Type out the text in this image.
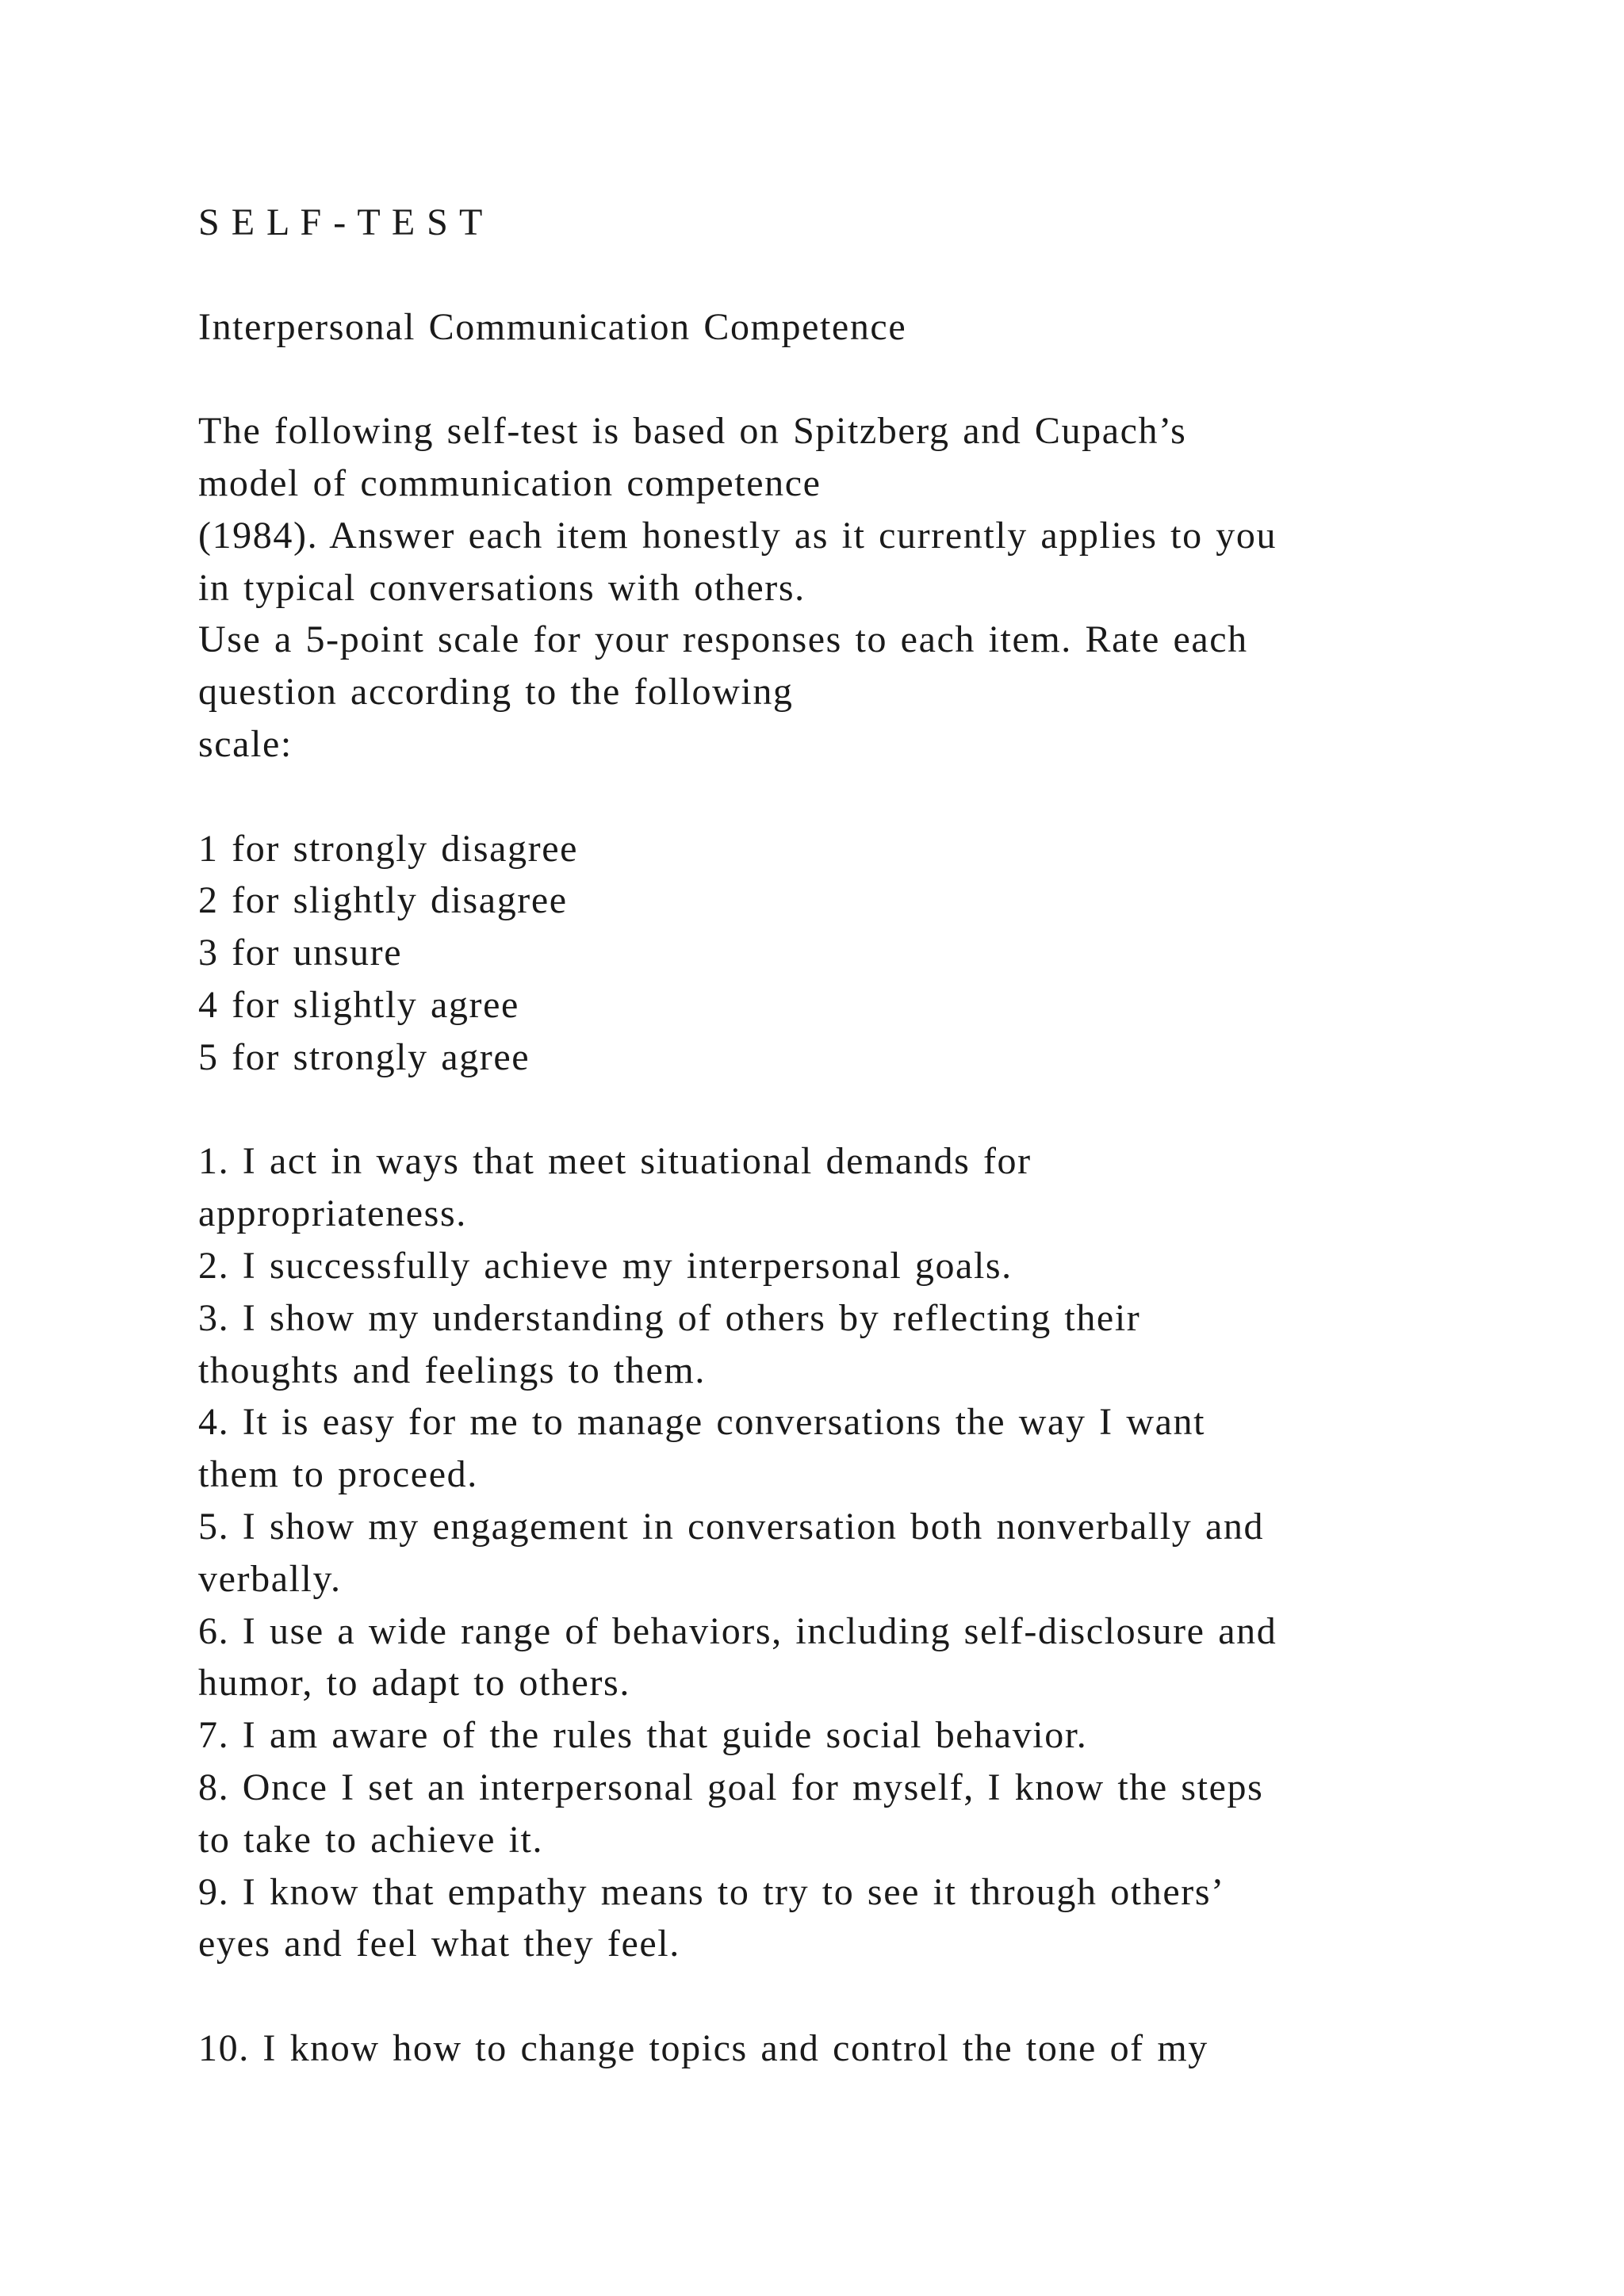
S E L F - T E S T
Interpersonal Communication Competence
The following self-test is based on Spitzberg and Cupach’s
model of communication competence
(1984). Answer each item honestly as it currently applies to you
in typical conversations with others.
Use a 5-point scale for your responses to each item. Rate each
question according to the following
scale:
1 for strongly disagree
2 for slightly disagree
3 for unsure
4 for slightly agree
5 for strongly agree
1. I act in ways that meet situational demands for
appropriateness.
2. I successfully achieve my interpersonal goals.
3. I show my understanding of others by reflecting their
thoughts and feelings to them.
4. It is easy for me to manage conversations the way I want
them to proceed.
5. I show my engagement in conversation both nonverbally and
verbally.
6. I use a wide range of behaviors, including self-disclosure and
humor, to adapt to others.
7. I am aware of the rules that guide social behavior.
8. Once I set an interpersonal goal for myself, I know the steps
to take to achieve it.
9. I know that empathy means to try to see it through others’
eyes and feel what they feel.
10. I know how to change topics and control the tone of my
